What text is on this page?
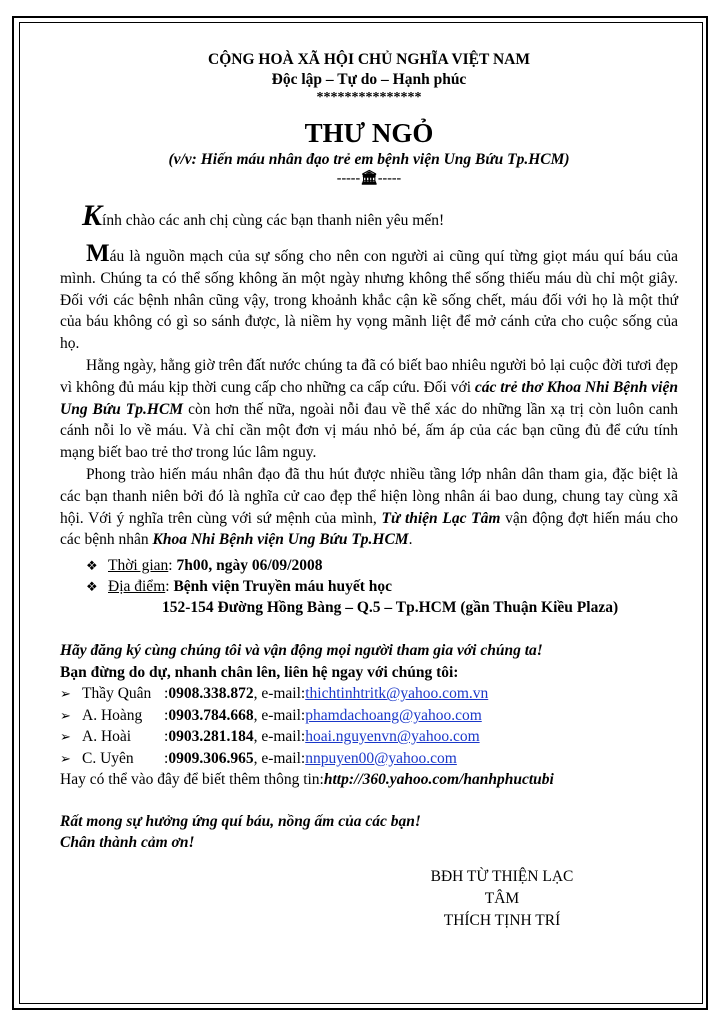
CỘNG HOÀ XÃ HỘI CHỦ NGHĨA VIỆT NAM

Độc lập – Tự do – Hạnh phúc

***************

THƯ NGỎ

(v/v: Hiến máu nhân đạo trẻ em bệnh viện Ung Bứu Tp.HCM)

-----🏛-----

Kính chào các anh chị cùng các bạn thanh niên yêu mến!

Máu là nguồn mạch của sự sống cho nên con người ai cũng quí từng giọt máu quí báu của mình. Chúng ta có thể sống không ăn một ngày nhưng không thể sống thiếu máu dù chỉ một giây. Đối với các bệnh nhân cũng vậy, trong khoảnh khắc cận kề sống chết, máu đối với họ là một thứ của báu không có gì so sánh được, là niềm hy vọng mãnh liệt để mở cánh cửa cho cuộc sống của họ.

Hằng ngày, hằng giờ trên đất nước chúng ta đã có biết bao nhiêu người bỏ lại cuộc đời tươi đẹp vì không đủ máu kịp thời cung cấp cho những ca cấp cứu. Đối với các trẻ thơ Khoa Nhi Bệnh viện Ung Bứu Tp.HCM còn hơn thế nữa, ngoài nỗi đau về thể xác do những lần xạ trị còn luôn canh cánh nỗi lo về máu. Và chỉ cần một đơn vị máu nhỏ bé, ấm áp của các bạn cũng đủ để cứu tính mạng biết bao trẻ thơ trong lúc lâm nguy.

Phong trào hiến máu nhân đạo đã thu hút được nhiều tầng lớp nhân dân tham gia, đặc biệt là các bạn thanh niên bởi đó là nghĩa cử cao đẹp thể hiện lòng nhân ái bao dung, chung tay cùng xã hội. Với ý nghĩa trên cùng với sứ mệnh của mình, Từ thiện Lạc Tâm vận động đợt hiến máu cho các bệnh nhân Khoa Nhi Bệnh viện Ung Bứu Tp.HCM.

❖ Thời gian: 7h00, ngày 06/09/2008
❖ Địa điểm: Bệnh viện Truyền máu huyết học
152-154 Đường Hồng Bàng – Q.5 – Tp.HCM (gần Thuận Kiều Plaza)
Hãy đăng ký cùng chúng tôi và vận động mọi người tham gia với chúng ta!
Bạn đừng do dự, nhanh chân lên, liên hệ ngay với chúng tôi:
➢ Thầy Quân : 0908.338.872 , e-mail: thichtinhtritk@yahoo.com.vn
➢ A. Hoàng	: 0903.784.668 , e-mail: phamdachoang@yahoo.com
➢ A. Hoài	: 0903.281.184 , e-mail: hoai.nguyenvn@yahoo.com
➢ C. Uyên	: 0909.306.965 , e-mail: nnpuyen00@yahoo.com
Hay có thể vào đây để biết thêm thông tin: http://360.yahoo.com/hanhphuctubi
Rất mong sự hưởng ứng quí báu, nồng ấm của các bạn!
Chân thành cảm ơn!
BĐH TỪ THIỆN LẠC TÂM
THÍCH TỊNH TRÍ
